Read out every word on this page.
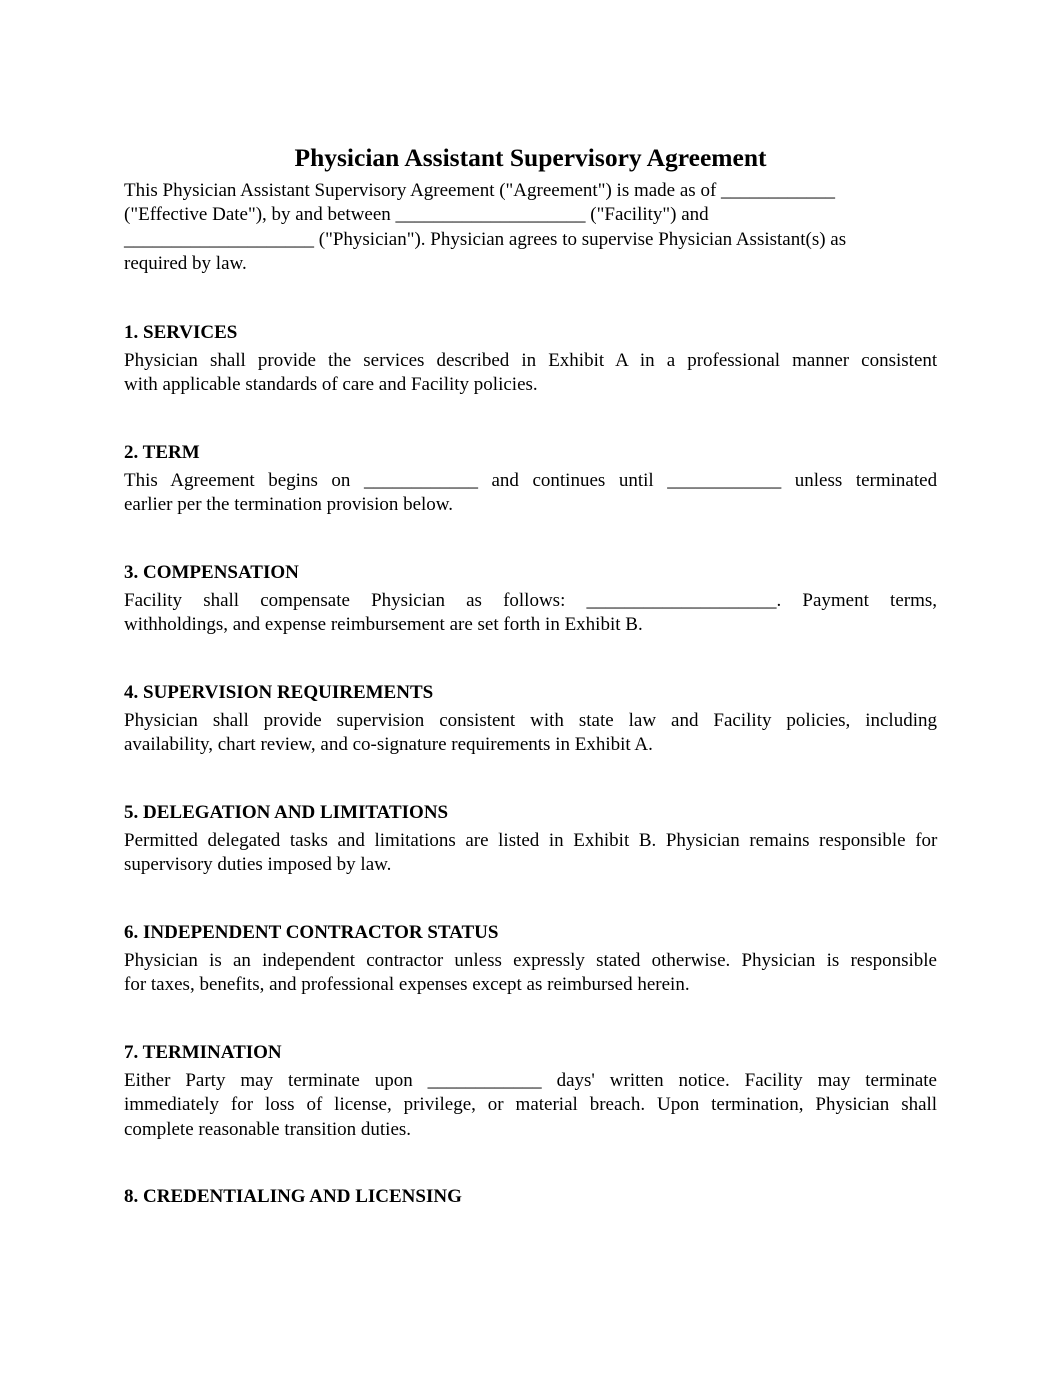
Physician Assistant Supervisory Agreement

This Physician Assistant Supervisory Agreement ("Agreement") is made as of ____________
("Effective Date"), by and between ____________________ ("Facility") and
____________________ ("Physician"). Physician agrees to supervise Physician Assistant(s) as
required by law.

1. SERVICES

Physician shall provide the services described in Exhibit A in a professional manner consistent
with applicable standards of care and Facility policies.

2. TERM

This Agreement begins on ____________ and continues until ____________ unless terminated
earlier per the termination provision below.

3. COMPENSATION

Facility shall compensate Physician as follows: ____________________. Payment terms,
withholdings, and expense reimbursement are set forth in Exhibit B.

4. SUPERVISION REQUIREMENTS

Physician shall provide supervision consistent with state law and Facility policies, including
availability, chart review, and co-signature requirements in Exhibit A.

5. DELEGATION AND LIMITATIONS

Permitted delegated tasks and limitations are listed in Exhibit B. Physician remains responsible for
supervisory duties imposed by law.

6. INDEPENDENT CONTRACTOR STATUS

Physician is an independent contractor unless expressly stated otherwise. Physician is responsible
for taxes, benefits, and professional expenses except as reimbursed herein.

7. TERMINATION

Either Party may terminate upon ____________ days' written notice. Facility may terminate
immediately for loss of license, privilege, or material breach. Upon termination, Physician shall
complete reasonable transition duties.

8. CREDENTIALING AND LICENSING
